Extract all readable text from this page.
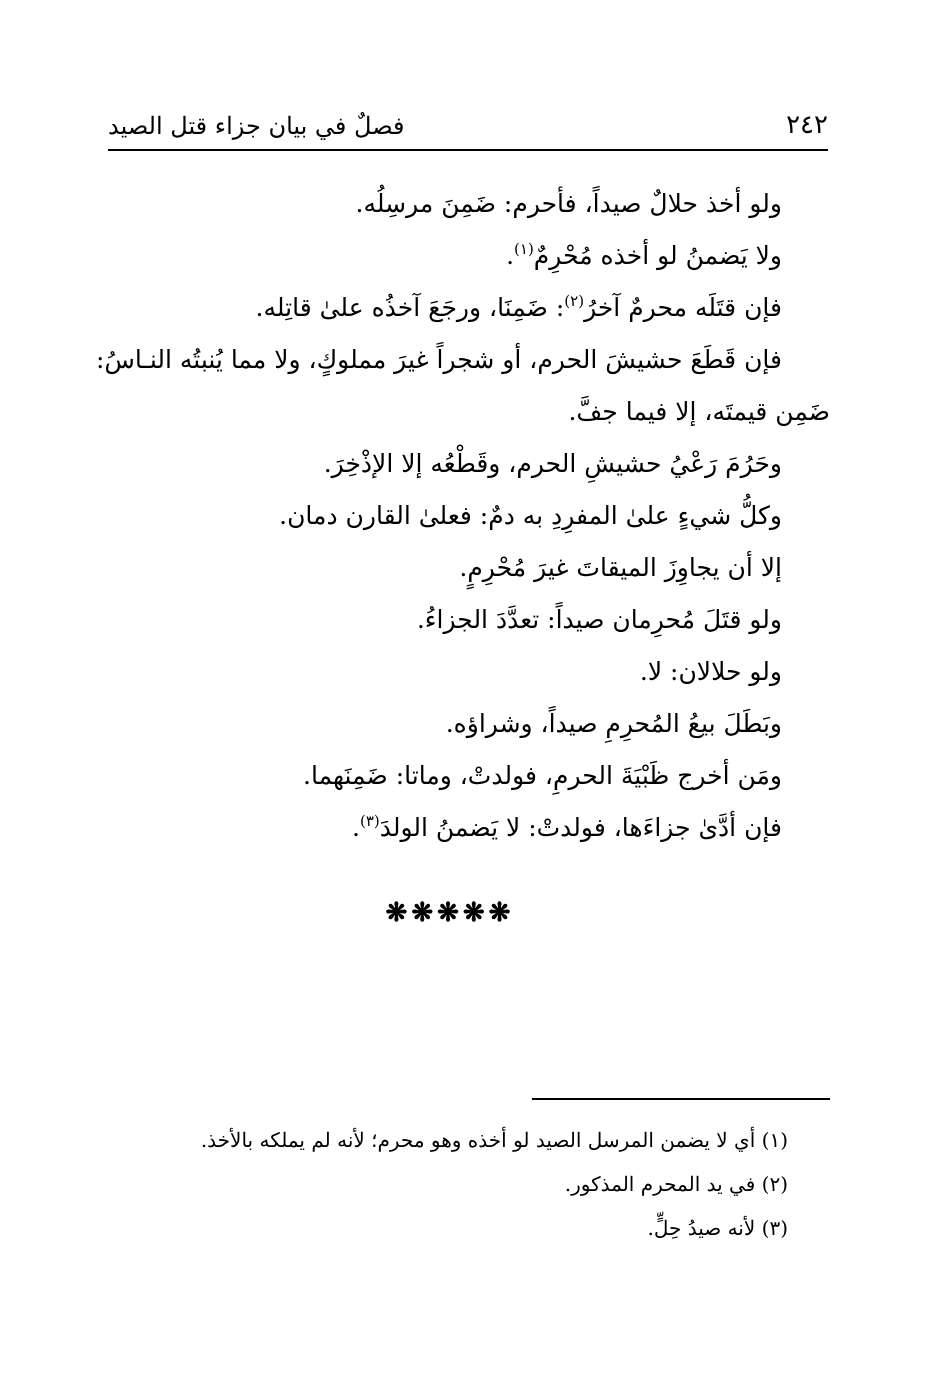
٢٤٢
فصلٌ في بيان جزاء قتل الصيد

ولو أخذ حلالٌ صيداً، فأحرم: ضَمِنَ مرسِلُه.

ولا يَضمنُ لو أخذه مُحْرِمٌ$^{(١)}$.

فإن قتَلَه محرمٌ آخرُ$^{(٢)}$: ضَمِنَا، ورجَعَ آخذُه علىٰ قاتِله.

فإن قَطَعَ حشيشَ الحرم، أو شجراً غيرَ مملوكٍ، ولا مما يُنبتُه النـاسُ:

ضَمِن قيمتَه، إلا فيما جفَّ.

وحَرُمَ رَعْيُ حشيشِ الحرم، وقَطْعُه إلا الإذْخِرَ.

وكلُّ شيءٍ علىٰ المفرِدِ به دمٌ: فعلىٰ القارن دمان.

إلا أن يجاوِزَ الميقاتَ غيرَ مُحْرِمٍ.

ولو قتَلَ مُحرِمان صيداً: تعدَّدَ الجزاءُ.

ولو حلالان: لا.

وبَطَلَ بيعُ المُحرِمِ صيداً، وشراؤه.

ومَن أخرج ظَبْيَةَ الحرمِ، فولدتْ، وماتا: ضَمِنَهما.

فإن أدَّىٰ جزاءَها، فولدتْ: لا يَضمنُ الولدَ$^{(٣)}$.

❋❋❋❋❋

(١) أي لا يضمن المرسل الصيد لو أخذه وهو محرم؛ لأنه لم يملكه بالأخذ.

(٢) في يد المحرم المذكور.

(٣) لأنه صيدُ حِلٍّ.
